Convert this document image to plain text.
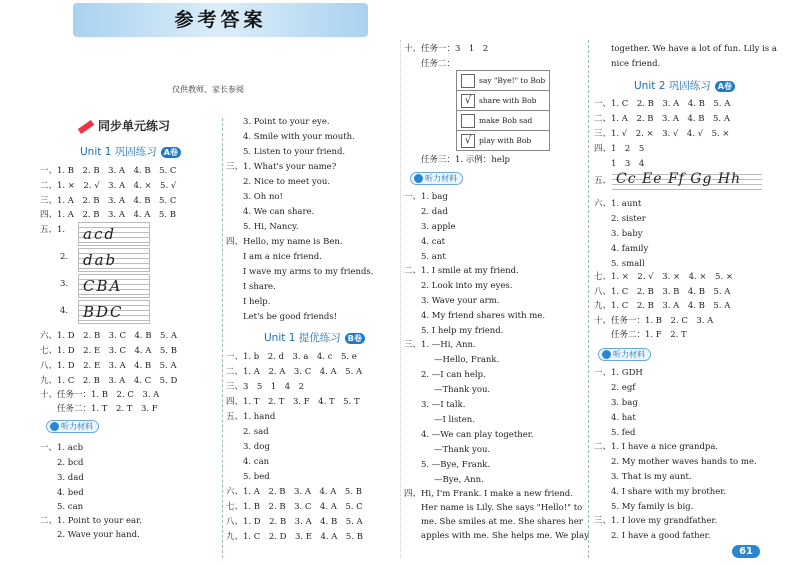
参考答案
仅供教师、家长参阅
同步单元练习
Unit 1 巩固练习 A卷
一、1. B　2. B　3. A　4. B　5. C
二、1. ×　2. √　3. A　4. ×　5. √
三、1. A　2. B　3. A　4. B　5. C
四、1. A　2. B　3. A　4. A　5. B
五、1. acd
2. dab
3. CBA
4. BDC
六、1. D　2. B　3. C　4. B　5. A
七、1. D　2. E　3. C　4. A　5. B
八、1. D　2. E　3. A　4. B　5. A
九、1. C　2. B　3. A　4. C　5. D
十、任务一：1. B　2. C　3. A
　　任务二：1. T　2. T　3. F
听力材料
一、1. acb
2. bcd
3. dad
4. bed
5. can
二、1. Point to your ear.
2. Wave your hand.
3. Point to your eye.
4. Smile with your mouth.
5. Listen to your friend.
三、1. What's your name?
2. Nice to meet you.
3. Oh no!
4. We can share.
5. Hi, Nancy.
四、Hello, my name is Ben.
I am a nice friend.
I wave my arms to my friends.
I share.
I help.
Let's be good friends!
Unit 1 提优练习 B卷
一、1. b　2. d　3. a　4. c　5. e
二、1. A　2. A　3. C　4. A　5. A
三、3　5　1　4　2
四、1. T　2. T　3. F　4. T　5. T
五、1. hand
2. sad
3. dog
4. can
5. bed
六、1. A　2. B　3. A　4. A　5. B
七、1. B　2. B　3. C　4. A　5. C
八、1. D　2. B　3. A　4. B　5. A
九、1. C　2. D　3. E　4. A　5. B
十、任务一：3　1　2
任务二：
say "Bye!" to Bob
√	share with Bob
make Bob sad
√	play with Bob
任务三：1. 示例：help
听力材料
一、1. bag
2. dad
3. apple
4. cat
5. ant
二、1. I smile at my friend.
2. Look into my eyes.
3. Wave your arm.
4. My friend shares with me.
5. I help my friend.
三、1. —Hi, Ann.
—Hello, Frank.
2. —I can help.
—Thank you.
3. —I talk.
—I listen.
4. —We can play together.
—Thank you.
5. —Bye, Frank.
—Bye, Ann.
四、Hi, I'm Frank. I make a new friend.
Her name is Lily. She says "Hello!" to
me. She smiles at me. She shares her
apples with me. She helps me. We play
together. We have a lot of fun. Lily is a
nice friend.
Unit 2 巩固练习 A卷
一、1. C　2. B　3. A　4. B　5. A
二、1. A　2. B　3. A　4. B　5. A
三、1. √　2. ×　3. √　4. √　5. ×
四、1　2　5
1　3　4
五、 Cc Ee Ff Gg Hh
六、1. aunt
2. sister
3. baby
4. family
5. small
七、1. ×　2. √　3. ×　4. ×　5. ×
八、1. C　2. B　3. B　4. B　5. A
九、1. C　2. B　3. A　4. B　5. A
十、任务一：1. B　2. C　3. A
任务二：1. F　2. T
听力材料
一、1. GDH
2. egf
3. bag
4. hat
5. fed
二、1. I have a nice grandpa.
2. My mother waves hands to me.
3. That is my aunt.
4. I share with my brother.
5. My family is big.
三、1. I love my grandfather.
2. I have a good father.
61
